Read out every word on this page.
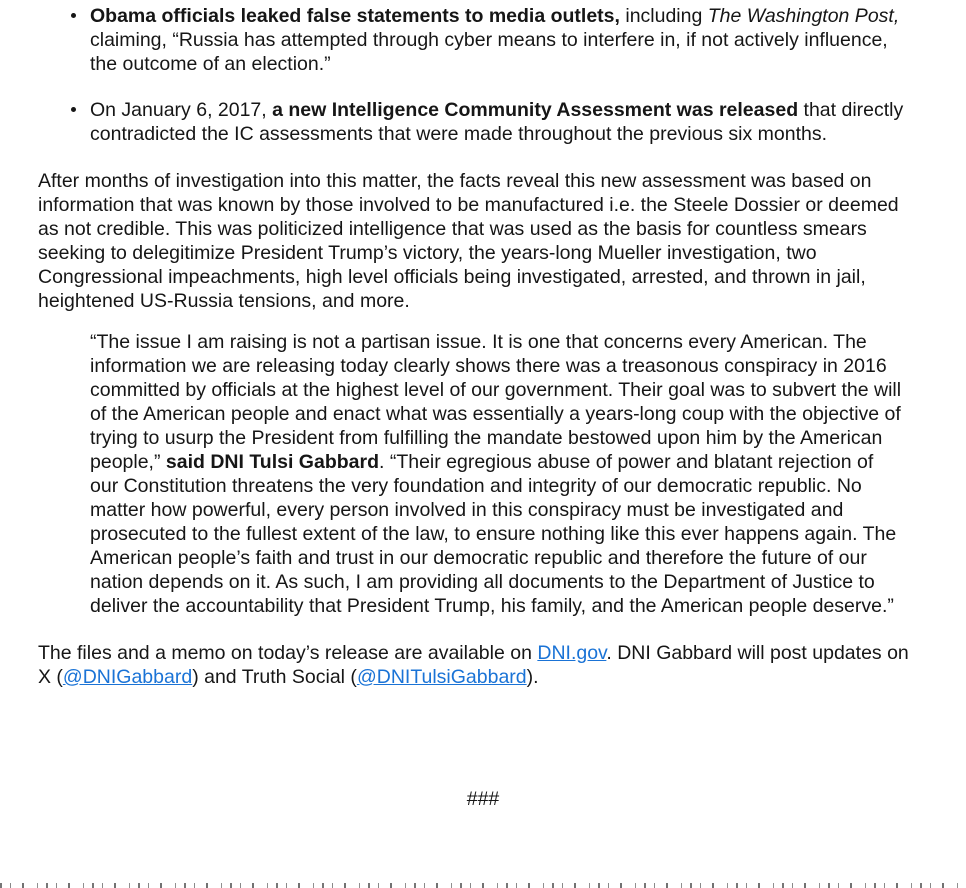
Obama officials leaked false statements to media outlets, including The Washington Post, claiming, “Russia has attempted through cyber means to interfere in, if not actively influence, the outcome of an election.”
On January 6, 2017, a new Intelligence Community Assessment was released that directly contradicted the IC assessments that were made throughout the previous six months.

After months of investigation into this matter, the facts reveal this new assessment was based on information that was known by those involved to be manufactured i.e. the Steele Dossier or deemed as not credible. This was politicized intelligence that was used as the basis for countless smears seeking to delegitimize President Trump’s victory, the years-long Mueller investigation, two Congressional impeachments, high level officials being investigated, arrested, and thrown in jail, heightened US-Russia tensions, and more.

“The issue I am raising is not a partisan issue. It is one that concerns every American. The information we are releasing today clearly shows there was a treasonous conspiracy in 2016 committed by officials at the highest level of our government. Their goal was to subvert the will of the American people and enact what was essentially a years-long coup with the objective of trying to usurp the President from fulfilling the mandate bestowed upon him by the American people,” said DNI Tulsi Gabbard. “Their egregious abuse of power and blatant rejection of our Constitution threatens the very foundation and integrity of our democratic republic. No matter how powerful, every person involved in this conspiracy must be investigated and prosecuted to the fullest extent of the law, to ensure nothing like this ever happens again. The American people’s faith and trust in our democratic republic and therefore the future of our nation depends on it. As such, I am providing all documents to the Department of Justice to deliver the accountability that President Trump, his family, and the American people deserve.”

The files and a memo on today’s release are available on DNI.gov. DNI Gabbard will post updates on X (@DNIGabbard) and Truth Social (@DNITulsiGabbard).

###
